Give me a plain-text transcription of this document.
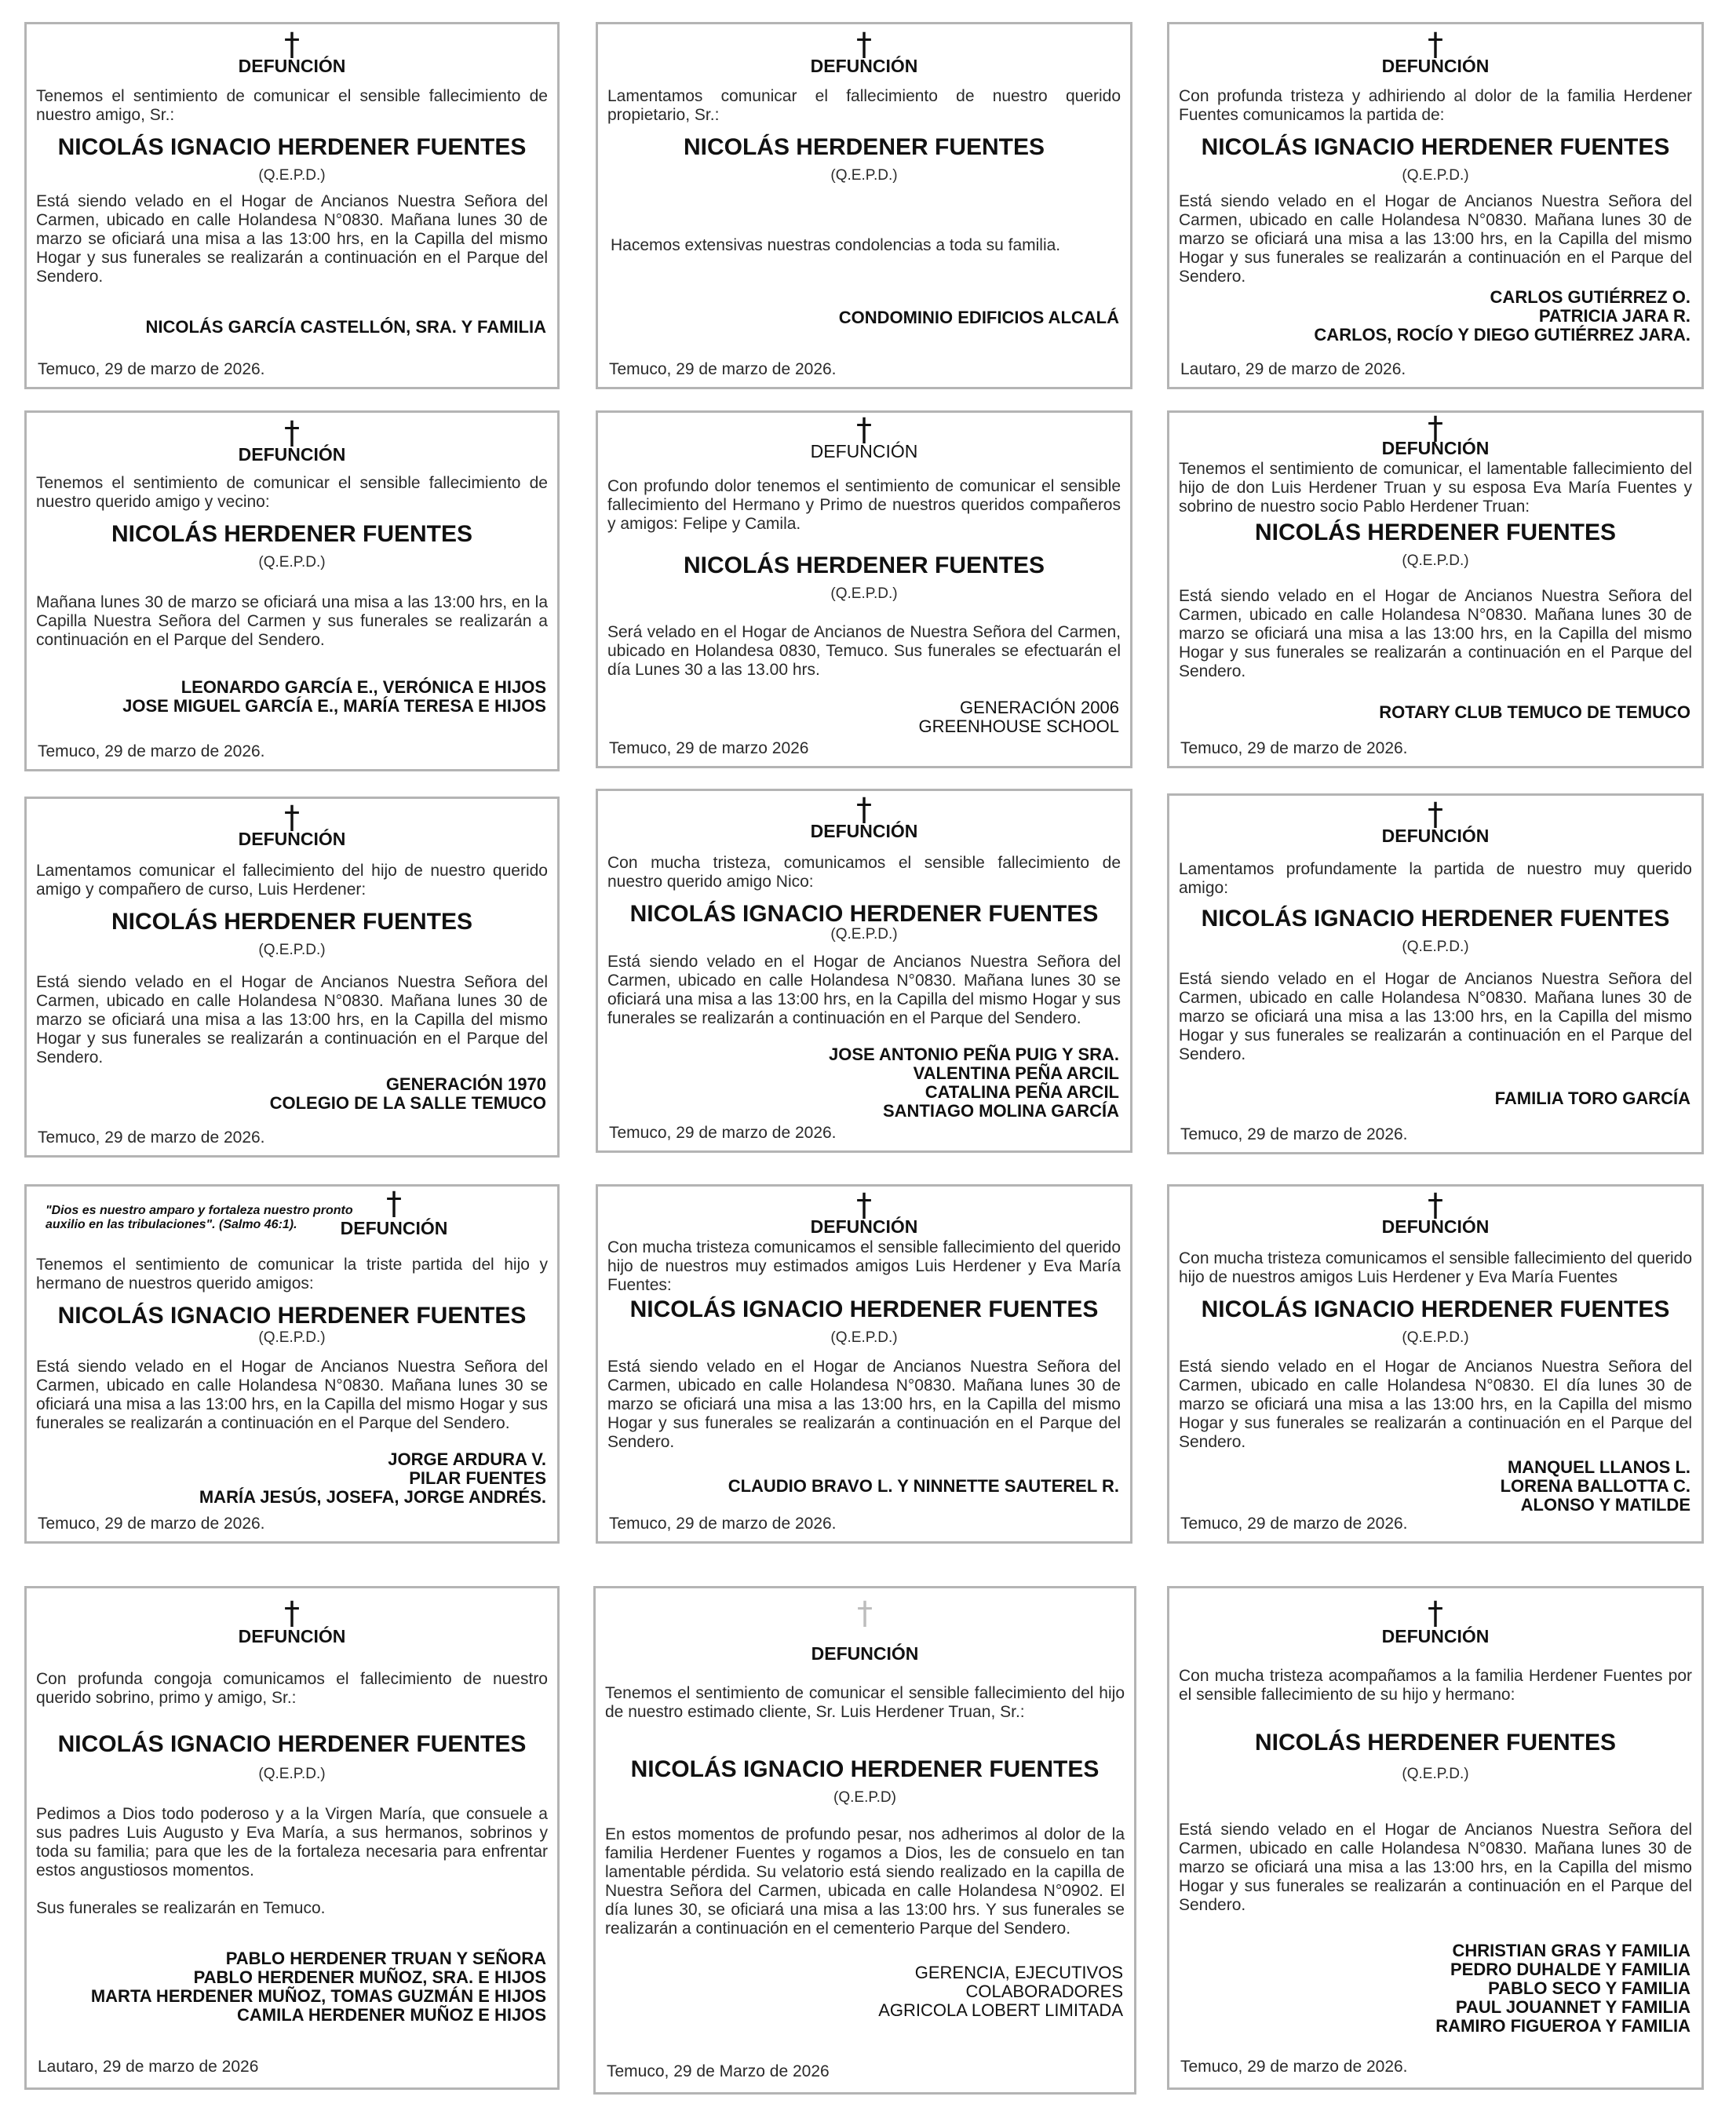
†
DEFUNCIÓN
Tenemos el sentimiento de comunicar el sensible fallecimiento de nuestro amigo, Sr.:
NICOLÁS IGNACIO HERDENER FUENTES
(Q.E.P.D.)
Está siendo velado en el Hogar de Ancianos Nuestra Señora del Carmen, ubicado en calle Holandesa N°0830. Mañana lunes 30 de marzo se oficiará una misa a las 13:00 hrs, en la Capilla del mismo Hogar y sus funerales se realizarán a continuación en el Parque del Sendero.
NICOLÁS GARCÍA CASTELLÓN, SRA. Y FAMILIA
Temuco, 29 de marzo de 2026.
†
DEFUNCIÓN
Lamentamos comunicar el fallecimiento de nuestro querido propietario, Sr.:
NICOLÁS HERDENER FUENTES
(Q.E.P.D.)
Hacemos extensivas nuestras condolencias a toda su familia.
CONDOMINIO EDIFICIOS ALCALÁ
Temuco, 29 de marzo de 2026.
†
DEFUNCIÓN
Con profunda tristeza y adhiriendo al dolor de la familia Herdener Fuentes comunicamos la partida de:
NICOLÁS IGNACIO HERDENER FUENTES
(Q.E.P.D.)
Está siendo velado en el Hogar de Ancianos Nuestra Señora del Carmen, ubicado en calle Holandesa N°0830. Mañana lunes 30 de marzo se oficiará una misa a las 13:00 hrs, en la Capilla del mismo Hogar y sus funerales se realizarán a continuación en el Parque del Sendero.
CARLOS GUTIÉRREZ O.
PATRICIA JARA R.
CARLOS, ROCÍO Y DIEGO GUTIÉRREZ JARA.
Lautaro, 29 de marzo de 2026.
†
DEFUNCIÓN
Tenemos el sentimiento de comunicar el sensible fallecimiento de nuestro querido amigo y vecino:
NICOLÁS HERDENER FUENTES
(Q.E.P.D.)
Mañana lunes 30 de marzo se oficiará una misa a las 13:00 hrs, en la Capilla Nuestra Señora del Carmen y sus funerales se realizarán a continuación en el Parque del Sendero.
LEONARDO GARCÍA E., VERÓNICA E HIJOS
JOSE MIGUEL GARCÍA E., MARÍA TERESA E HIJOS
Temuco, 29 de marzo de 2026.
†
DEFUNCIÓN
Con profundo dolor tenemos el sentimiento de comunicar el sensible fallecimiento del Hermano y Primo de nuestros queridos compañeros y amigos: Felipe y Camila.
NICOLÁS HERDENER FUENTES
(Q.E.P.D.)
Será velado en el Hogar de Ancianos de Nuestra Señora del Carmen, ubicado en Holandesa 0830, Temuco. Sus funerales se efectuarán el día Lunes 30 a las 13.00 hrs.
GENERACIÓN 2006
GREENHOUSE SCHOOL
Temuco, 29 de marzo 2026
†
DEFUNCIÓN
Tenemos el sentimiento de comunicar, el lamentable fallecimiento del hijo de don Luis Herdener Truan y su esposa Eva María Fuentes y sobrino de nuestro socio Pablo Herdener Truan:
NICOLÁS HERDENER FUENTES
(Q.E.P.D.)
Está siendo velado en el Hogar de Ancianos Nuestra Señora del Carmen, ubicado en calle Holandesa N°0830. Mañana lunes 30 de marzo se oficiará una misa a las 13:00 hrs, en la Capilla del mismo Hogar y sus funerales se realizarán a continuación en el Parque del Sendero.
ROTARY CLUB TEMUCO DE TEMUCO
Temuco, 29 de marzo de 2026.
†
DEFUNCIÓN
Lamentamos comunicar el fallecimiento del hijo de nuestro querido amigo y compañero de curso, Luis Herdener:
NICOLÁS HERDENER FUENTES
(Q.E.P.D.)
Está siendo velado en el Hogar de Ancianos Nuestra Señora del Carmen, ubicado en calle Holandesa N°0830. Mañana lunes 30 de marzo se oficiará una misa a las 13:00 hrs, en la Capilla del mismo Hogar y sus funerales se realizarán a continuación en el Parque del Sendero.
GENERACIÓN 1970
COLEGIO DE LA SALLE TEMUCO
Temuco, 29 de marzo de 2026.
†
DEFUNCIÓN
Con mucha tristeza, comunicamos el sensible fallecimiento de nuestro querido amigo Nico:
NICOLÁS IGNACIO HERDENER FUENTES
(Q.E.P.D.)
Está siendo velado en el Hogar de Ancianos Nuestra Señora del Carmen, ubicado en calle Holandesa N°0830. Mañana lunes 30 se oficiará una misa a las 13:00 hrs, en la Capilla del mismo Hogar y sus funerales se realizarán a continuación en el Parque del Sendero.
JOSE ANTONIO PEÑA PUIG Y SRA.
VALENTINA PEÑA ARCIL
CATALINA PEÑA ARCIL
SANTIAGO MOLINA GARCÍA
Temuco, 29 de marzo de 2026.
†
DEFUNCIÓN
Lamentamos profundamente la partida de nuestro muy querido amigo:
NICOLÁS IGNACIO HERDENER FUENTES
(Q.E.P.D.)
Está siendo velado en el Hogar de Ancianos Nuestra Señora del Carmen, ubicado en calle Holandesa N°0830. Mañana lunes 30 de marzo se oficiará una misa a las 13:00 hrs, en la Capilla del mismo Hogar y sus funerales se realizarán a continuación en el Parque del Sendero.
FAMILIA TORO GARCÍA
Temuco, 29 de marzo de 2026.
"Dios es nuestro amparo y fortaleza nuestro pronto auxilio en las tribulaciones". (Salmo 46:1).
†
DEFUNCIÓN
Tenemos el sentimiento de comunicar la triste partida del hijo y hermano de nuestros querido amigos:
NICOLÁS IGNACIO HERDENER FUENTES
(Q.E.P.D.)
Está siendo velado en el Hogar de Ancianos Nuestra Señora del Carmen, ubicado en calle Holandesa N°0830. Mañana lunes 30 se oficiará una misa a las 13:00 hrs, en la Capilla del mismo Hogar y sus funerales se realizarán a continuación en el Parque del Sendero.
JORGE ARDURA V.
PILAR FUENTES
MARÍA JESÚS, JOSEFA, JORGE ANDRÉS.
Temuco, 29 de marzo de 2026.
†
DEFUNCIÓN
Con mucha tristeza comunicamos el sensible fallecimiento del querido hijo de nuestros muy estimados amigos Luis Herdener y Eva María Fuentes:
NICOLÁS IGNACIO HERDENER FUENTES
(Q.E.P.D.)
Está siendo velado en el Hogar de Ancianos Nuestra Señora del Carmen, ubicado en calle Holandesa N°0830. Mañana lunes 30 de marzo se oficiará una misa a las 13:00 hrs, en la Capilla del mismo Hogar y sus funerales se realizarán a continuación en el Parque del Sendero.
CLAUDIO BRAVO L. Y NINNETTE SAUTEREL R.
Temuco, 29 de marzo de 2026.
†
DEFUNCIÓN
Con mucha tristeza comunicamos el sensible fallecimiento del querido hijo de nuestros amigos Luis Herdener y Eva María Fuentes
NICOLÁS IGNACIO HERDENER FUENTES
(Q.E.P.D.)
Está siendo velado en el Hogar de Ancianos Nuestra Señora del Carmen, ubicado en calle Holandesa N°0830. El día lunes 30 de marzo se oficiará una misa a las 13:00 hrs, en la Capilla del mismo Hogar y sus funerales se realizarán a continuación en el Parque del Sendero.
MANQUEL LLANOS L.
LORENA BALLOTTA C.
ALONSO Y MATILDE
Temuco, 29 de marzo de 2026.
†
DEFUNCIÓN
Con profunda congoja comunicamos el fallecimiento de nuestro querido sobrino, primo y amigo, Sr.:
NICOLÁS IGNACIO HERDENER FUENTES
(Q.E.P.D.)
Pedimos a Dios todo poderoso y a la Virgen María, que consuele a sus padres Luis Augusto y Eva María, a sus hermanos, sobrinos y toda su familia; para que les de la fortaleza necesaria para enfrentar estos angustiosos momentos.
Sus funerales se realizarán en Temuco.
PABLO HERDENER TRUAN Y SEÑORA
PABLO HERDENER MUÑOZ, SRA. E HIJOS
MARTA HERDENER MUÑOZ, TOMAS GUZMÁN E HIJOS
CAMILA HERDENER MUÑOZ E HIJOS
Lautaro, 29 de marzo de 2026
†
DEFUNCIÓN
Tenemos el sentimiento de comunicar el sensible fallecimiento del hijo de nuestro estimado cliente, Sr. Luis Herdener Truan, Sr.:
NICOLÁS IGNACIO HERDENER FUENTES
(Q.E.P.D)
En estos momentos de profundo pesar, nos adherimos al dolor de la familia Herdener Fuentes y rogamos a Dios, les de consuelo en tan lamentable pérdida. Su velatorio está siendo realizado en la capilla de Nuestra Señora del Carmen, ubicada en calle Holandesa N°0902. El día lunes 30, se oficiará una misa a las 13:00 hrs. Y sus funerales se realizarán a continuación en el cementerio Parque del Sendero.
GERENCIA, EJECUTIVOS
COLABORADORES
AGRICOLA LOBERT LIMITADA
Temuco, 29 de Marzo de 2026
†
DEFUNCIÓN
Con mucha tristeza acompañamos a la familia Herdener Fuentes por el sensible fallecimiento de su hijo y hermano:
NICOLÁS HERDENER FUENTES
(Q.E.P.D.)
Está siendo velado en el Hogar de Ancianos Nuestra Señora del Carmen, ubicado en calle Holandesa N°0830. Mañana lunes 30 de marzo se oficiará una misa a las 13:00 hrs, en la Capilla del mismo Hogar y sus funerales se realizarán a continuación en el Parque del Sendero.
CHRISTIAN GRAS Y FAMILIA
PEDRO DUHALDE Y FAMILIA
PABLO SECO Y FAMILIA
PAUL JOUANNET Y FAMILIA
RAMIRO FIGUEROA Y FAMILIA
Temuco, 29 de marzo de 2026.
